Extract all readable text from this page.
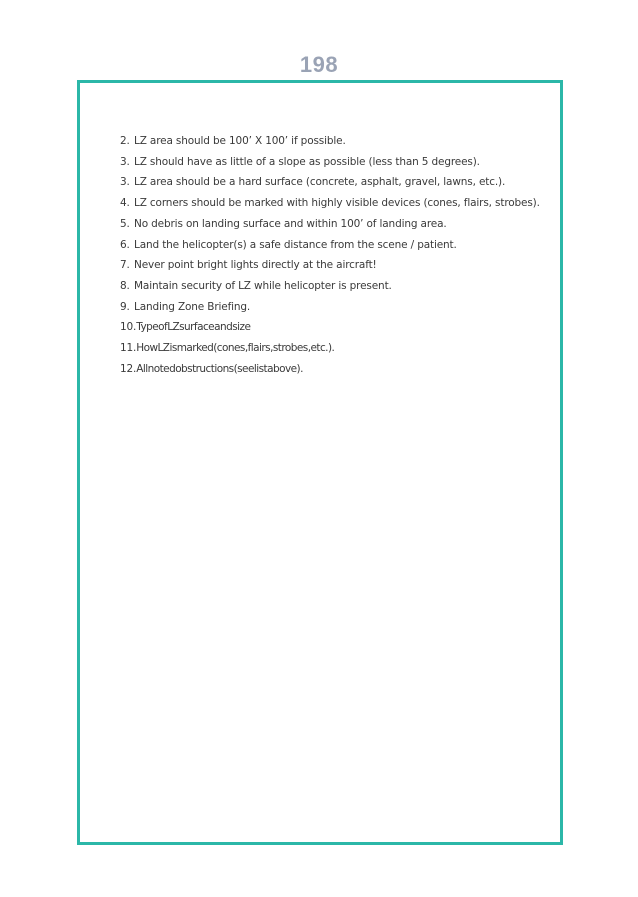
198
2. LZ area should be 100’ X 100’ if possible.
3. LZ should have as little of a slope as possible (less than 5 degrees).
3. LZ area should be a hard surface (concrete, asphalt, gravel, lawns, etc.).
4. LZ corners should be marked with highly visible devices (cones, flairs, strobes).
5. No debris on landing surface and within 100’ of landing area.
6. Land the helicopter(s) a safe distance from the scene / patient.
7. Never point bright lights directly at the aircraft!
8. Maintain security of LZ while helicopter is present.
9. Landing Zone Briefing.
10. TypeofLZsurfaceandsize
11. HowLZismarked(cones,flairs,strobes,etc.).
12. Allnotedobstructions(seelistabove).
